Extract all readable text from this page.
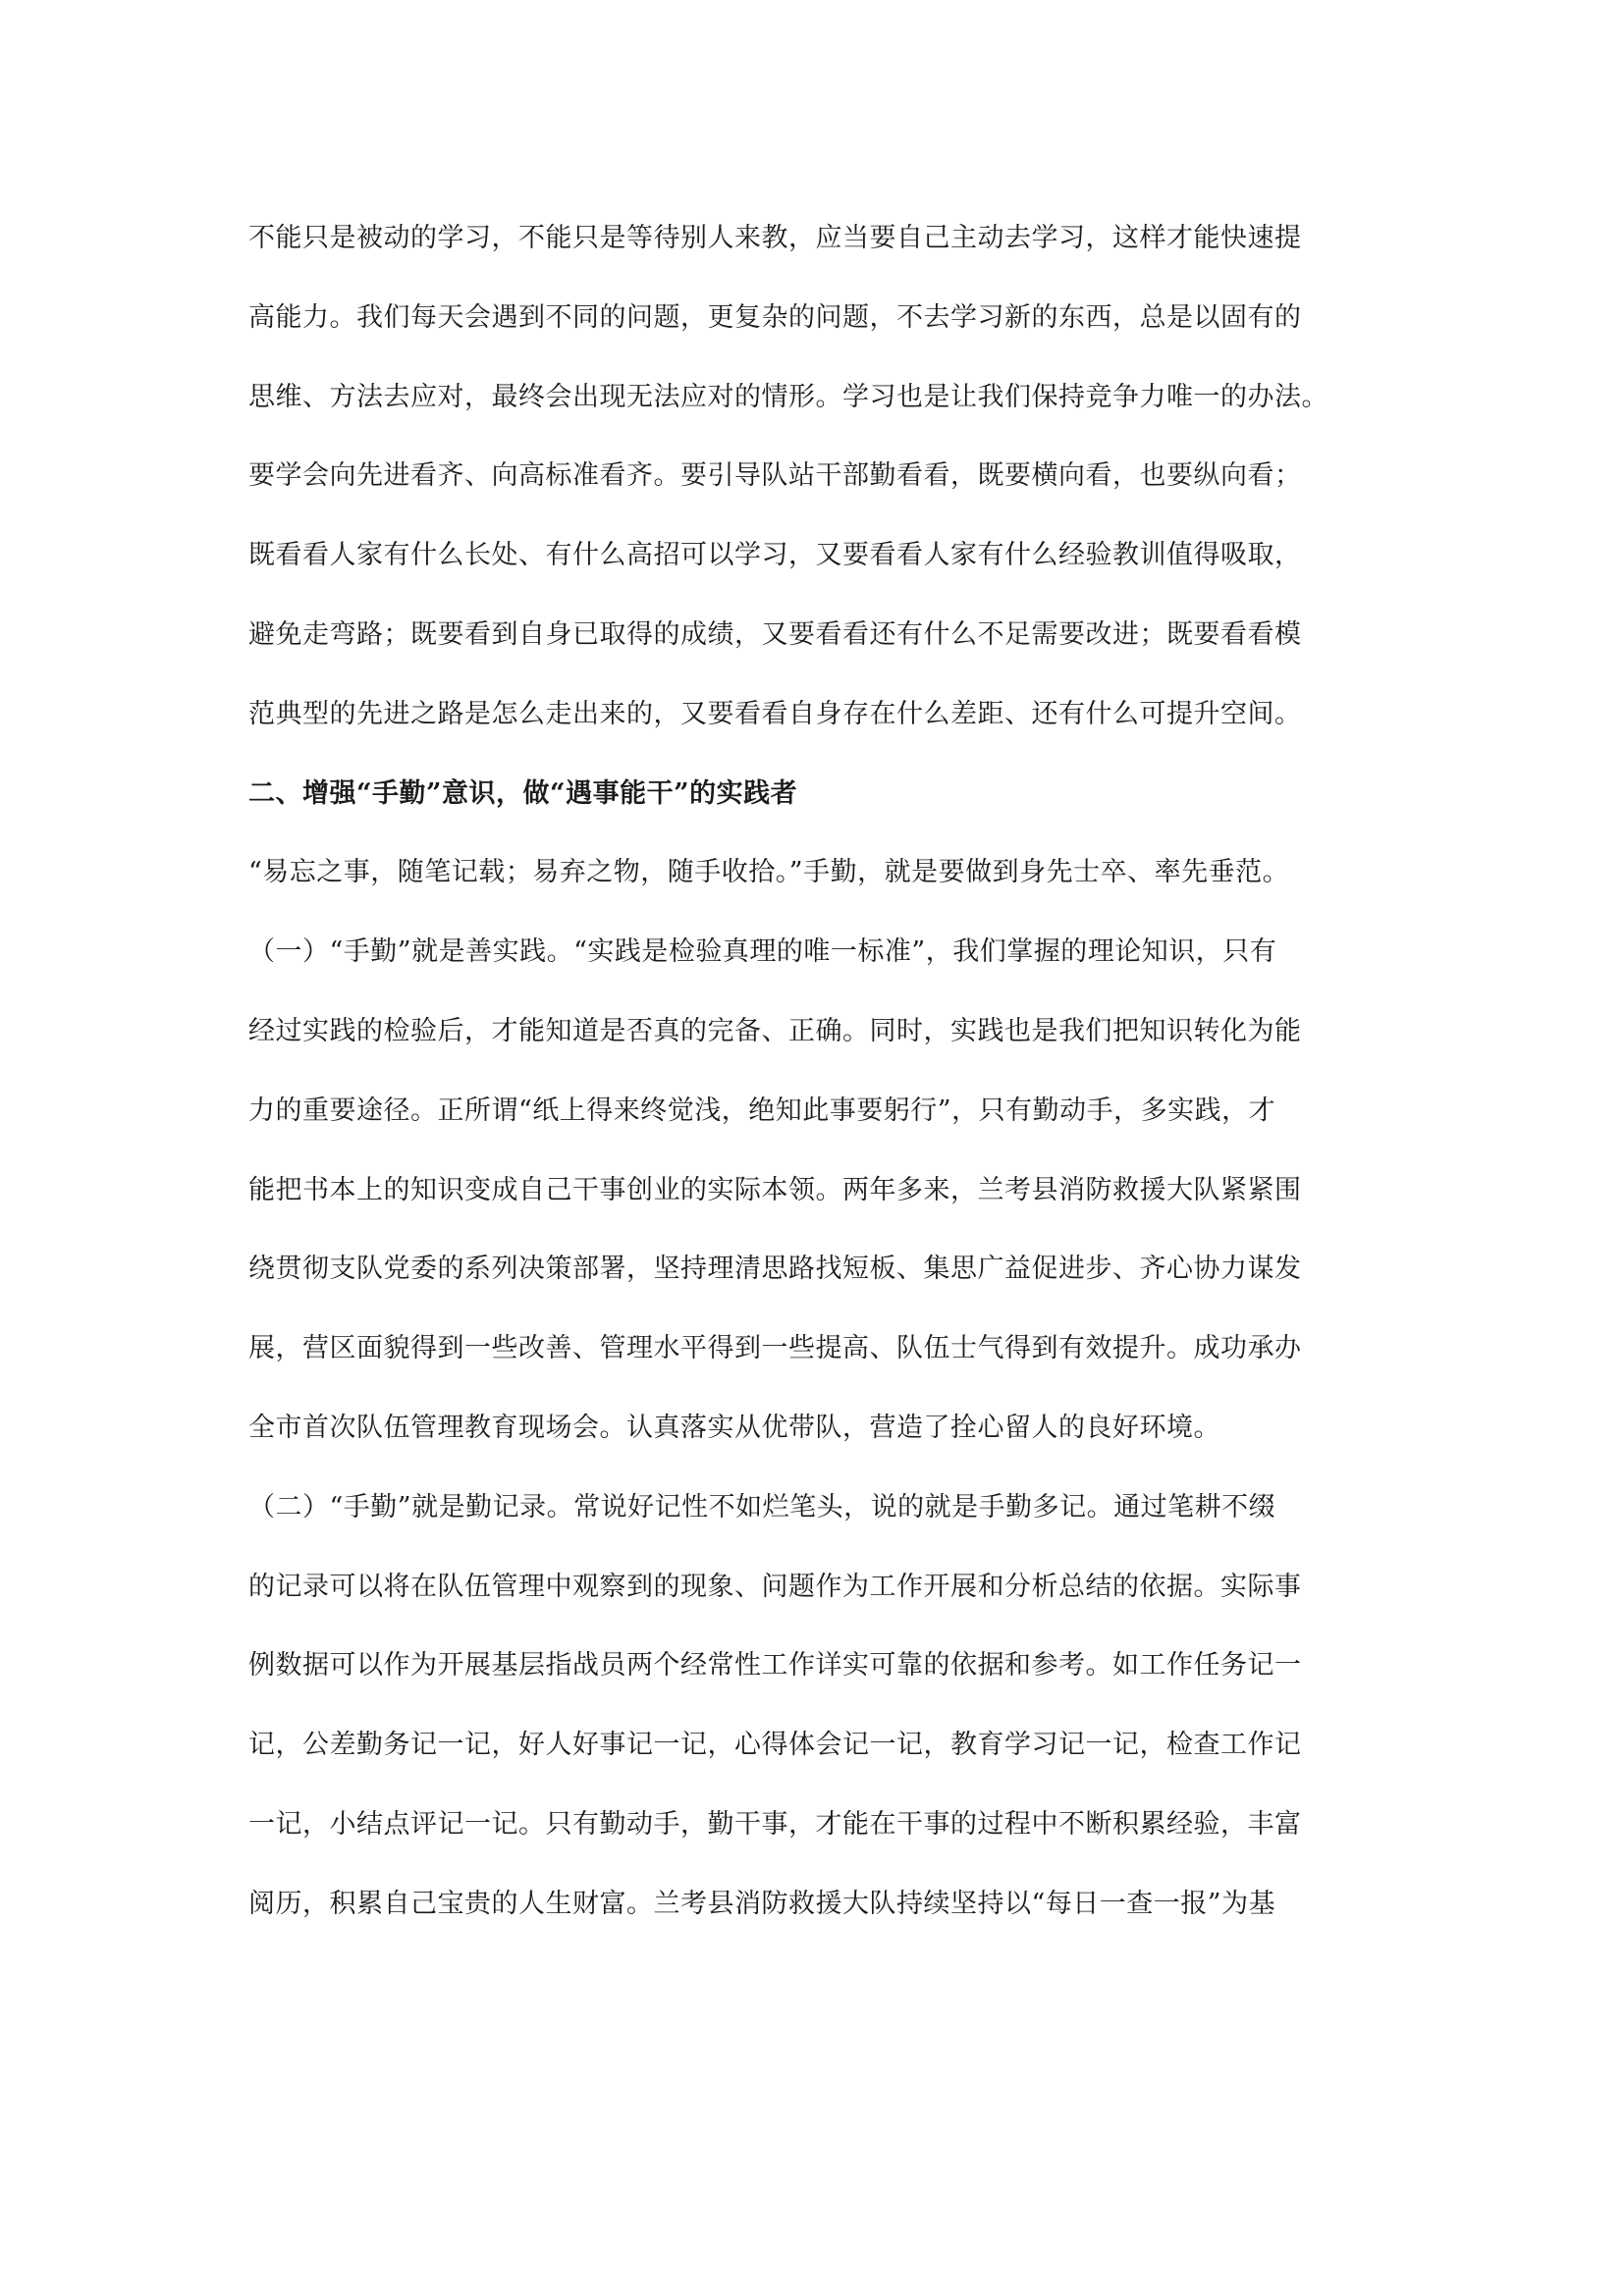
不能只是被动的学习，不能只是等待别人来教，应当要自己主动去学习，这样才能快速提
高能力。我们每天会遇到不同的问题，更复杂的问题，不去学习新的东西，总是以固有的
思维、方法去应对，最终会出现无法应对的情形。学习也是让我们保持竞争力唯一的办法。
要学会向先进看齐、向高标准看齐。要引导队站干部勤看看，既要横向看，也要纵向看；
既看看人家有什么长处、有什么高招可以学习，又要看看人家有什么经验教训值得吸取，
避免走弯路；既要看到自身已取得的成绩，又要看看还有什么不足需要改进；既要看看模
范典型的先进之路是怎么走出来的，又要看看自身存在什么差距、还有什么可提升空间。
二、增强“手勤”意识，做“遇事能干”的实践者
“易忘之事，随笔记载；易弃之物，随手收拾。”手勤，就是要做到身先士卒、率先垂范。
（一）“手勤”就是善实践。“实践是检验真理的唯一标准”，我们掌握的理论知识，只有
经过实践的检验后，才能知道是否真的完备、正确。同时，实践也是我们把知识转化为能
力的重要途径。正所谓“纸上得来终觉浅，绝知此事要躬行”，只有勤动手，多实践，才
能把书本上的知识变成自己干事创业的实际本领。两年多来，兰考县消防救援大队紧紧围
绕贯彻支队党委的系列决策部署，坚持理清思路找短板、集思广益促进步、齐心协力谋发
展，营区面貌得到一些改善、管理水平得到一些提高、队伍士气得到有效提升。成功承办
全市首次队伍管理教育现场会。认真落实从优带队，营造了拴心留人的良好环境。
（二）“手勤”就是勤记录。常说好记性不如烂笔头，说的就是手勤多记。通过笔耕不缀
的记录可以将在队伍管理中观察到的现象、问题作为工作开展和分析总结的依据。实际事
例数据可以作为开展基层指战员两个经常性工作详实可靠的依据和参考。如工作任务记一
记，公差勤务记一记，好人好事记一记，心得体会记一记，教育学习记一记，检查工作记
一记，小结点评记一记。只有勤动手，勤干事，才能在干事的过程中不断积累经验，丰富
阅历，积累自己宝贵的人生财富。兰考县消防救援大队持续坚持以“每日一查一报”为基
